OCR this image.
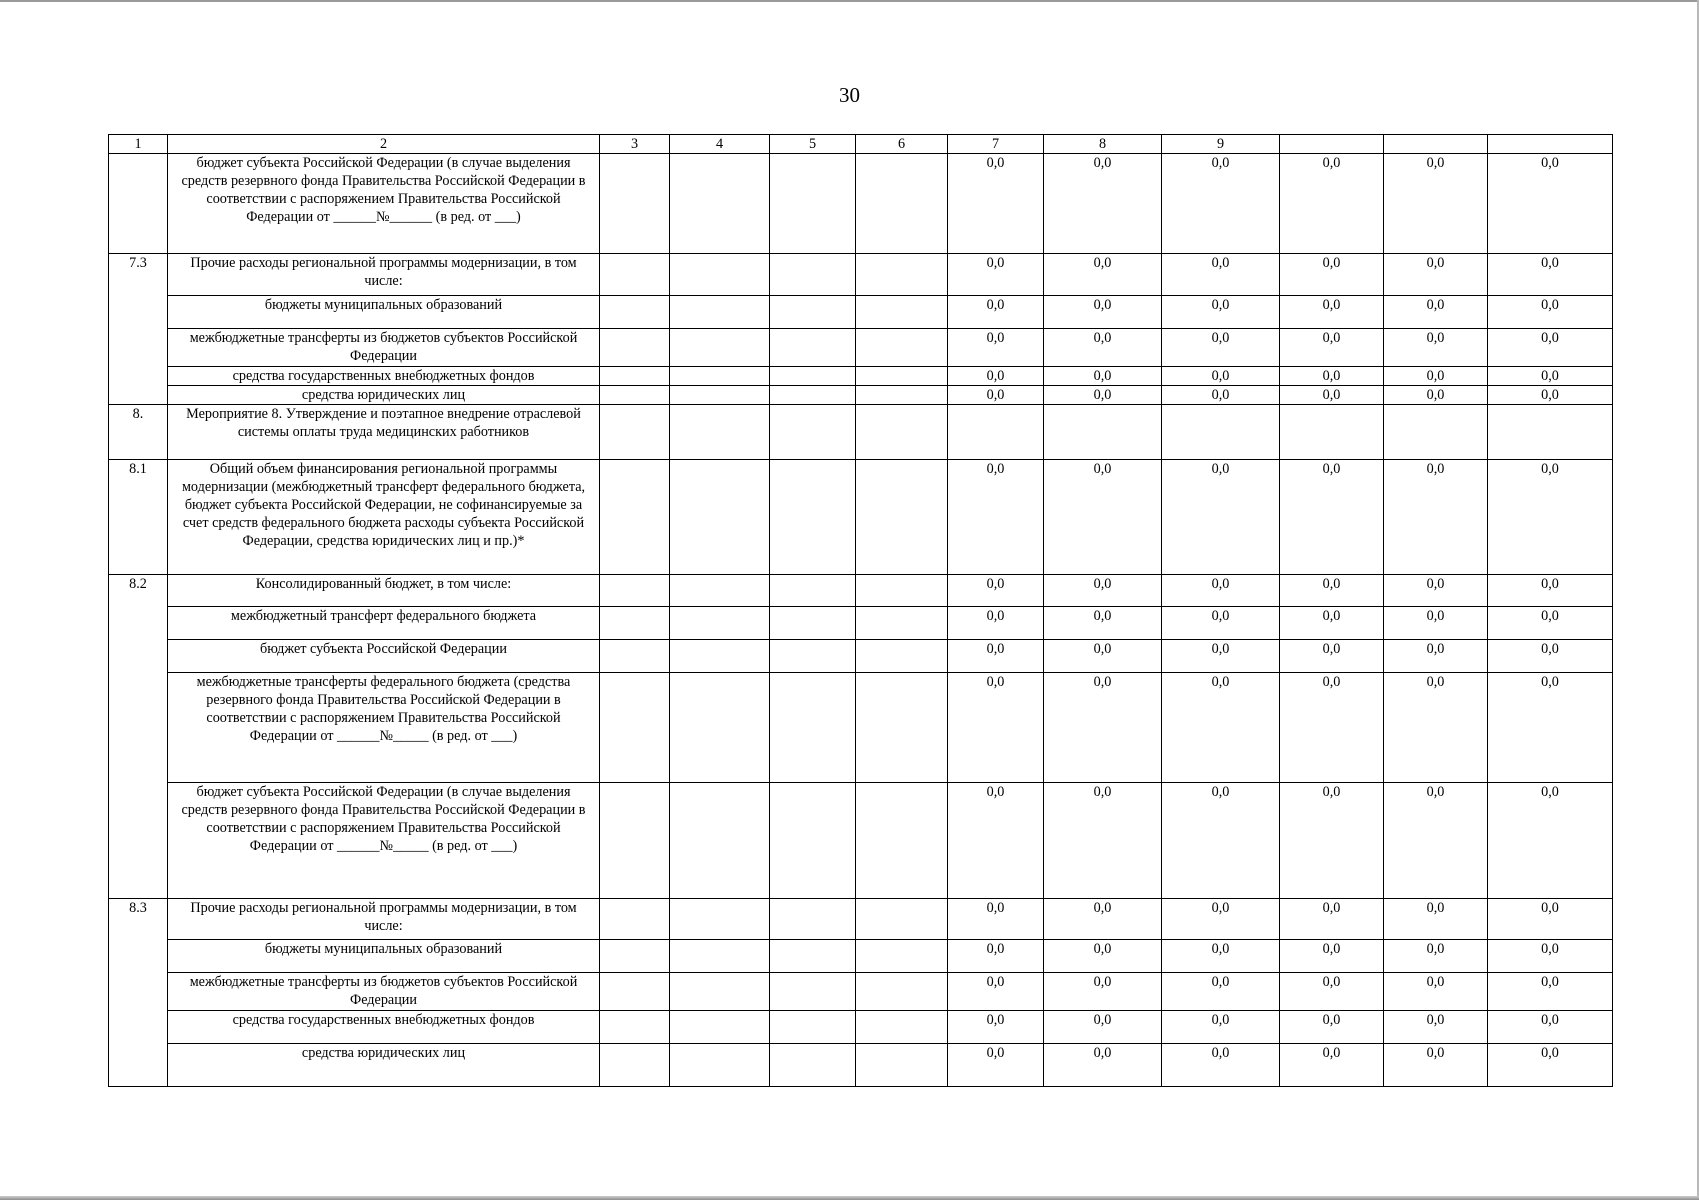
30
1	2	3	4	5	6	7	8	9			
	бюджет субъекта Российской Федерации (в случае выделения средств резервного фонда Правительства Российской Федерации в соответствии с распоряжением Правительства Российской Федерации от ______№______ (в ред. от ___)					0,0	0,0	0,0	0,0	0,0	0,0
7.3	Прочие расходы региональной программы модернизации, в том числе:					0,0	0,0	0,0	0,0	0,0	0,0
	бюджеты муниципальных образований					0,0	0,0	0,0	0,0	0,0	0,0
	межбюджетные трансферты из бюджетов субъектов Российской Федерации					0,0	0,0	0,0	0,0	0,0	0,0
	средства государственных внебюджетных фондов					0,0	0,0	0,0	0,0	0,0	0,0
	средства юридических лиц					0,0	0,0	0,0	0,0	0,0	0,0
8.	Мероприятие 8. Утверждение и поэтапное внедрение отраслевой системы оплаты труда медицинских работников										
8.1	Общий объем финансирования региональной программы модернизации (межбюджетный трансферт федерального бюджета, бюджет субъекта Российской Федерации, не софинансируемые за счет средств федерального бюджета расходы субъекта Российской Федерации, средства юридических лиц и пр.)*					0,0	0,0	0,0	0,0	0,0	0,0
8.2	Консолидированный бюджет, в том числе:					0,0	0,0	0,0	0,0	0,0	0,0
	межбюджетный трансферт федерального бюджета					0,0	0,0	0,0	0,0	0,0	0,0
	бюджет субъекта Российской Федерации					0,0	0,0	0,0	0,0	0,0	0,0
	межбюджетные трансферты федерального бюджета (средства резервного фонда Правительства Российской Федерации в соответствии с распоряжением Правительства Российской Федерации от ______№_____ (в ред. от ___)					0,0	0,0	0,0	0,0	0,0	0,0
	бюджет субъекта Российской Федерации (в случае выделения средств резервного фонда Правительства Российской Федерации в соответствии с распоряжением Правительства Российской Федерации от ______№_____ (в ред. от ___)					0,0	0,0	0,0	0,0	0,0	0,0
8.3	Прочие расходы региональной программы модернизации, в том числе:					0,0	0,0	0,0	0,0	0,0	0,0
	бюджеты муниципальных образований					0,0	0,0	0,0	0,0	0,0	0,0
	межбюджетные трансферты из бюджетов субъектов Российской Федерации					0,0	0,0	0,0	0,0	0,0	0,0
	средства государственных внебюджетных фондов					0,0	0,0	0,0	0,0	0,0	0,0
	средства юридических лиц					0,0	0,0	0,0	0,0	0,0	0,0
